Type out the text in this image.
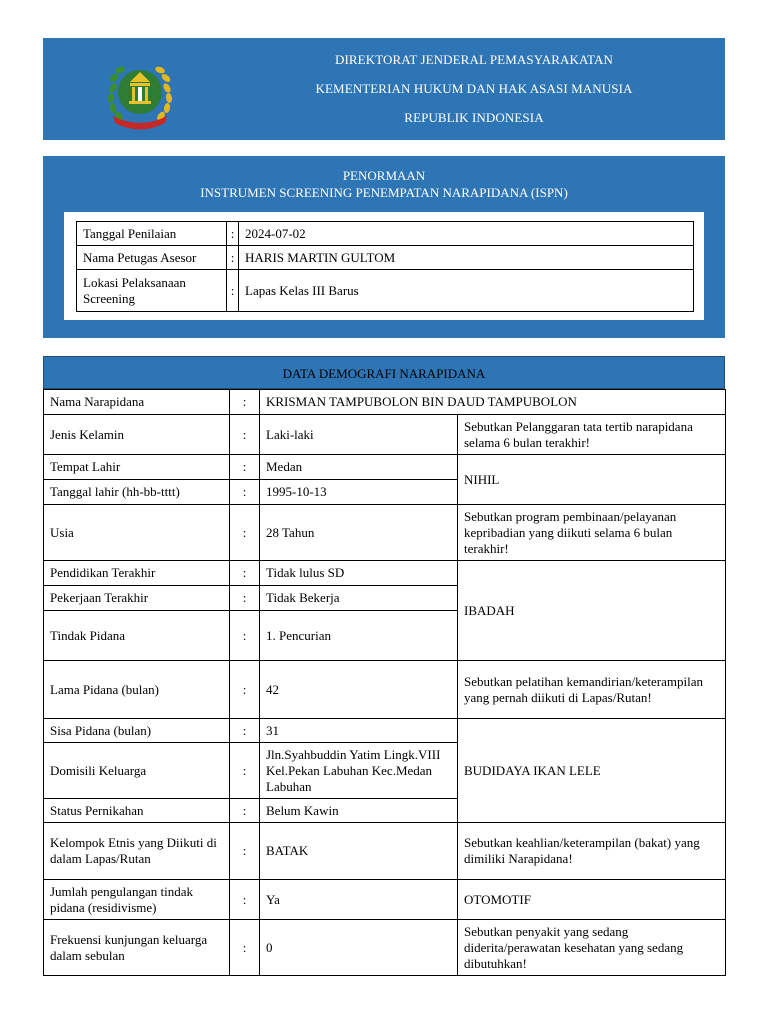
DIREKTORAT JENDERAL PEMASYARAKATAN
KEMENTERIAN HUKUM DAN HAK ASASI MANUSIA
REPUBLIK INDONESIA
PENORMAAN
INSTRUMEN SCREENING PENEMPATAN NARAPIDANA (ISPN)
Tanggal Penilaian	:	2024-07-02
Nama Petugas Asesor	:	HARIS MARTIN GULTOM
Lokasi Pelaksanaan Screening	:	Lapas Kelas III Barus
DATA DEMOGRAFI NARAPIDANA
Nama Narapidana	:	KRISMAN TAMPUBOLON BIN DAUD TAMPUBOLON	
Jenis Kelamin	:	Laki-laki	Sebutkan Pelanggaran tata tertib narapidana selama 6 bulan terakhir!
Tempat Lahir	:	Medan	NIHIL
Tanggal lahir (hh-bb-tttt)	:	1995-10-13	
Usia	:	28 Tahun	Sebutkan program pembinaan/pelayanan kepribadian yang diikuti selama 6 bulan terakhir!
Pendidikan Terakhir	:	Tidak lulus SD	IBADAH
Pekerjaan Terakhir	:	Tidak Bekerja	
Tindak Pidana	:	1. Pencurian	
Lama Pidana (bulan)	:	42	Sebutkan pelatihan kemandirian/keterampilan yang pernah diikuti di Lapas/Rutan!
Sisa Pidana (bulan)	:	31	BUDIDAYA IKAN LELE
Domisili Keluarga	:	Jln.Syahbuddin Yatim Lingk.VIII Kel.Pekan Labuhan Kec.Medan Labuhan	
Status Pernikahan	:	Belum Kawin	
Kelompok Etnis yang Diikuti di dalam Lapas/Rutan	:	BATAK	Sebutkan keahlian/keterampilan (bakat) yang dimiliki Narapidana!
Jumlah pengulangan tindak pidana (residivisme)	:	Ya	OTOMOTIF
Frekuensi kunjungan keluarga dalam sebulan	:	0	Sebutkan penyakit yang sedang diderita/perawatan kesehatan yang sedang dibutuhkan!
